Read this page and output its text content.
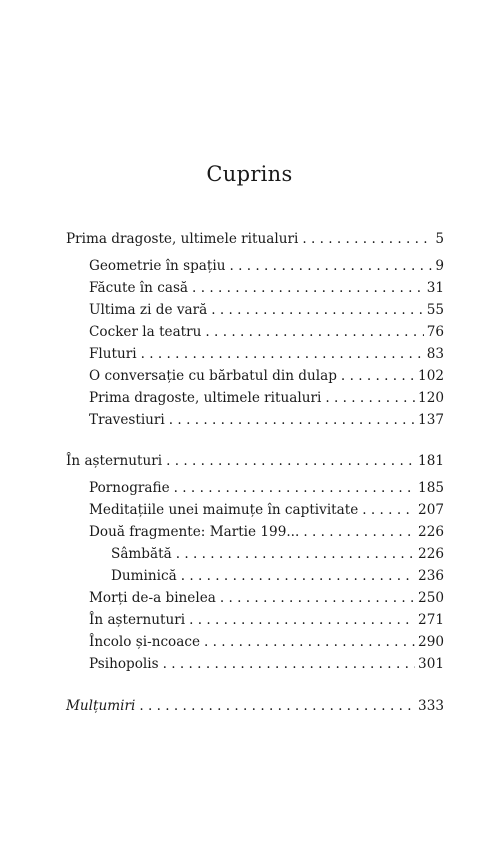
Cuprins
Prima dragoste, ultimele ritualuri . . .	5
Geometrie în spațiu . . .	9
Făcute în casă . . .	31
Ultima zi de vară . . .	55
Cocker la teatru . . .	76
Fluturi . . .	83
O conversație cu bărbatul din dulap . . .	102
Prima dragoste, ultimele ritualuri . . .	120
Travestiuri . . .	137
În așternuturi . . .	181
Pornografie . . .	185
Meditațiile unei maimuțe în captivitate . . .	207
Două fragmente: Martie 199... . . .	226
Sâmbătă . . .	226
Duminică . . .	236
Morți de-a binelea . . .	250
În așternuturi . . .	271
Încolo și-ncoace . . .	290
Psihopolis . . .	301
Mulțumiri . . .	333
